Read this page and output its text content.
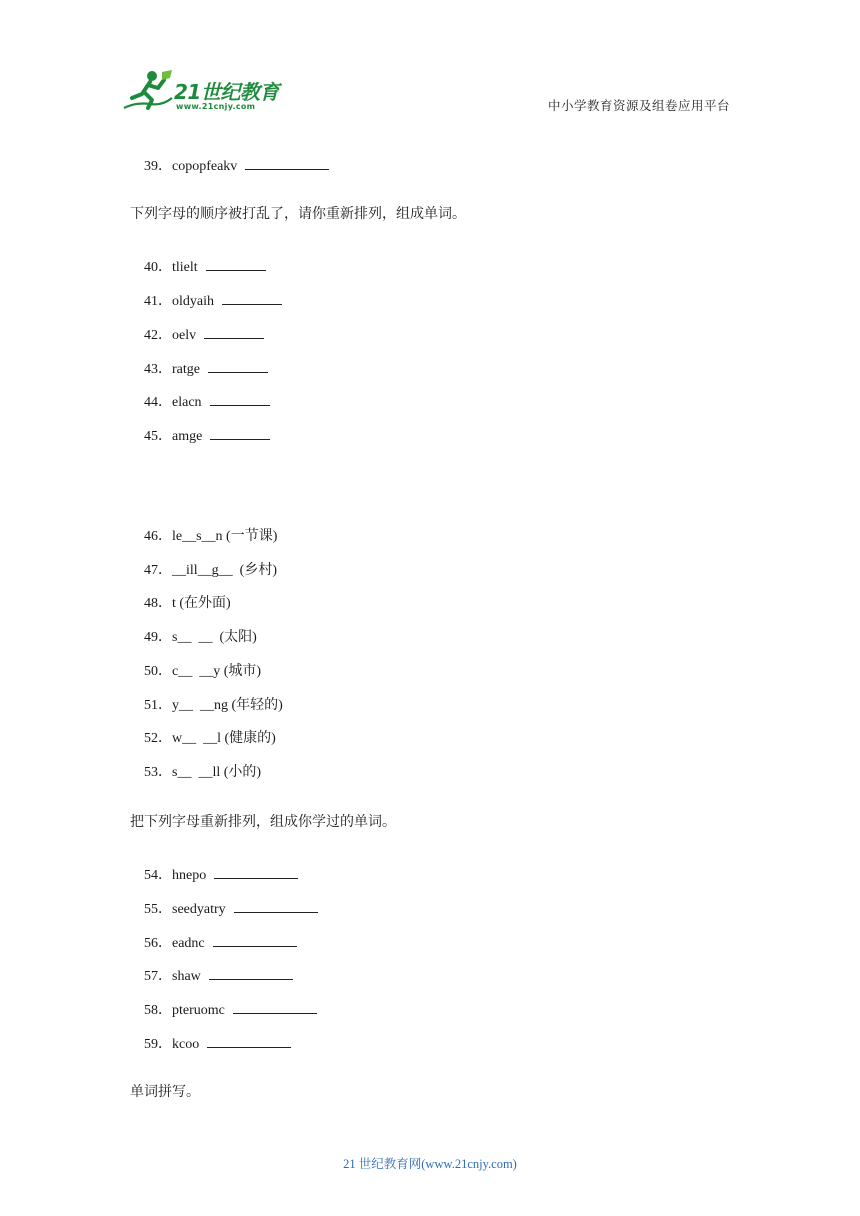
21世纪教育
www.21cnjy.com	中小学教育资源及组卷应用平台

39．copopfeakv

下列字母的顺序被打乱了，请你重新排列，组成单词。

40．tlielt

41．oldyaih

42．oelv

43．ratge

44．elacn

45．amge

46．le__s__n (一节课)

47．__ill__g__  (乡村)

48．t (在外面)

49．s__  __  (太阳)

50．c__  __y (城市)

51．y__  __ng (年轻的)

52．w__  __l (健康的)

53．s__  __ll (小的)

把下列字母重新排列，组成你学过的单词。

54．hnepo

55．seedyatry

56．eadnc

57．shaw

58．pteruomc

59．kcoo

单词拼写。
21 世纪教育网(www.21cnjy.com)
